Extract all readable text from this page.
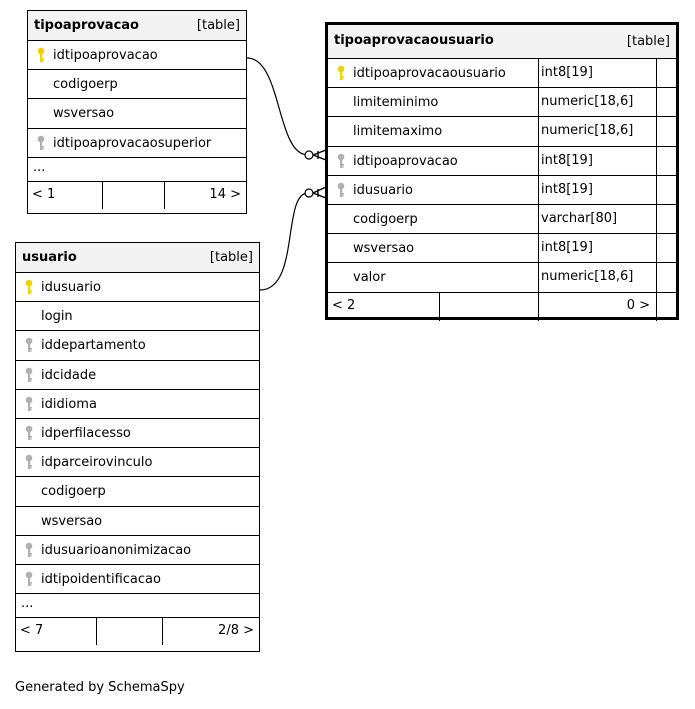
tipoaprovacao	[table]
idtipoaprovacao
codigoerp
wsversao
idtipoaprovacaosuperior
...
< 1	14 >
usuario	[table]
idusuario
login
iddepartamento
idcidade
ididioma
idperfilacesso
idparceirovinculo
codigoerp
wsversao
idusuarioanonimizacao
idtipoidentificacao
...
< 7	2/8 >
tipoaprovacaousuario	[table]
idtipoaprovacaousuario	int8[19]
limiteminimo	numeric[18,6]
limitemaximo	numeric[18,6]
idtipoaprovacao	int8[19]
idusuario	int8[19]
codigoerp	varchar[80]
wsversao	int8[19]
valor	numeric[18,6]
< 2	0 >
Generated by SchemaSpy
